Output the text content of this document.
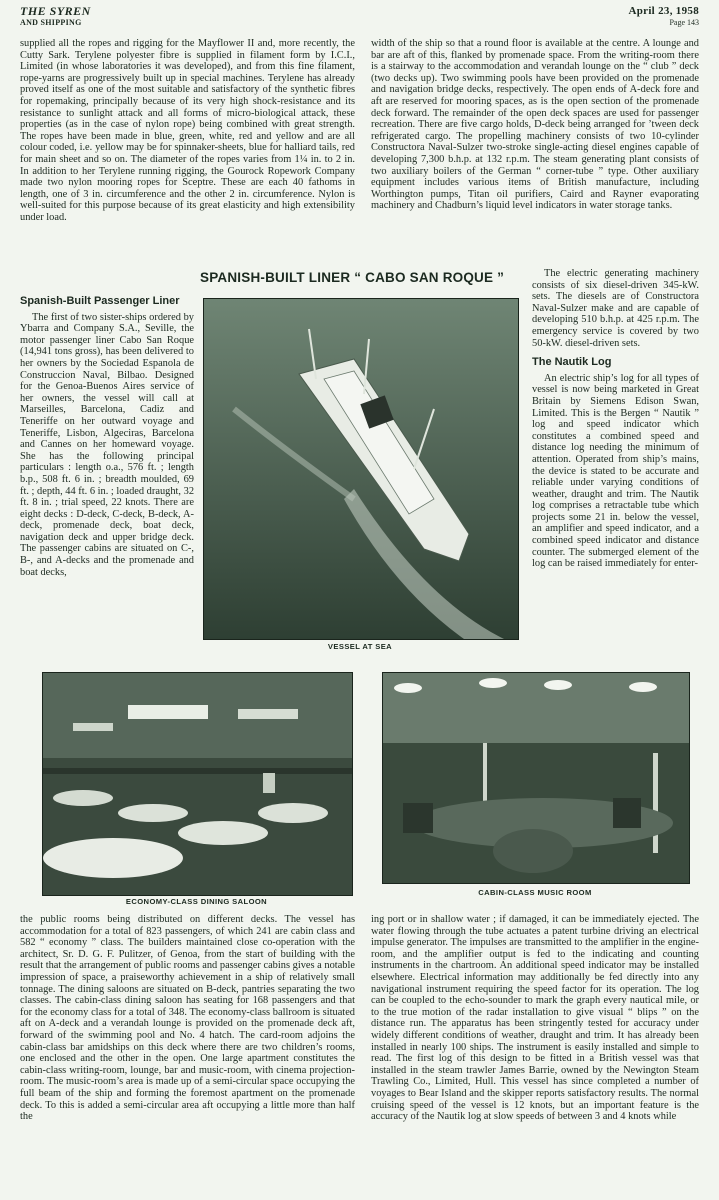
THE SYREN
AND SHIPPING
April 23, 1958
Page 143

supplied all the ropes and rigging for the Mayflower II and, more recently, the Cutty Sark. Terylene polyester fibre is supplied in filament form by I.C.I., Limited (in whose laboratories it was developed), and from this fine filament, rope-yarns are progressively built up in special machines. Terylene has already proved itself as one of the most suitable and satisfactory of the synthetic fibres for ropemaking, principally because of its very high shock-resistance and its resistance to sunlight attack and all forms of micro-biological attack, these properties (as in the case of nylon rope) being combined with great strength. The ropes have been made in blue, green, white, red and yellow and are all colour coded, i.e. yellow may be for spinnaker-sheets, blue for halliard tails, red for main sheet and so on. The diameter of the ropes varies from 1¼ in. to 2 in. In addition to her Terylene running rigging, the Gourock Ropework Company made two nylon mooring ropes for Sceptre. These are each 40 fathoms in length, one of 3 in. circumference and the other 2 in. circumference. Nylon is well-suited for this purpose because of its great elasticity and high extensibility under load.

width of the ship so that a round floor is available at the centre. A lounge and bar are aft of this, flanked by promenade space. From the writing-room there is a stairway to the accommodation and verandah lounge on the “ club ” deck (two decks up). Two swimming pools have been provided on the promenade and navigation bridge decks, respectively. The open ends of A-deck fore and aft are reserved for mooring spaces, as is the open section of the promenade deck forward. The remainder of the open deck spaces are used for passenger recreation. There are five cargo holds, D-deck being arranged for ’tween deck refrigerated cargo. The propelling machinery consists of two 10-cylinder Constructora Naval-Sulzer two-stroke single-acting diesel engines capable of developing 7,300 b.h.p. at 132 r.p.m. The steam generating plant consists of two auxiliary boilers of the German “ corner-tube ” type. Other auxiliary equipment includes various items of British manufacture, including Worthington pumps, Titan oil purifiers, Caird and Rayner evaporating machinery and Chadburn’s liquid level indicators in water storage tanks.

SPANISH-BUILT LINER “ CABO SAN ROQUE ”
Spanish-Built Passenger Liner

The first of two sister-ships ordered by Ybarra and Company S.A., Seville, the motor passenger liner Cabo San Roque (14,941 tons gross), has been delivered to her owners by the Sociedad Espanola de Construccion Naval, Bilbao. Designed for the Genoa-Buenos Aires service of her owners, the vessel will call at Marseilles, Barcelona, Cadiz and Teneriffe on her outward voyage and Teneriffe, Lisbon, Algeciras, Barcelona and Cannes on her homeward voyage. She has the following principal particulars : length o.a., 576 ft. ; length b.p., 508 ft. 6 in. ; breadth moulded, 69 ft. ; depth, 44 ft. 6 in. ; loaded draught, 32 ft. 8 in. ; trial speed, 22 knots. There are eight decks : D-deck, C-deck, B-deck, A-deck, promenade deck, boat deck, navigation deck and upper bridge deck. The passenger cabins are situated on C-, B-, and A-decks and the promenade and boat decks,

VESSEL AT SEA

The electric generating machinery consists of six diesel-driven 345-kW. sets. The diesels are of Constructora Naval-Sulzer make and are capable of developing 510 b.h.p. at 425 r.p.m. The emergency service is covered by two 50-kW. diesel-driven sets.

The Nautik Log

An electric ship’s log for all types of vessel is now being marketed in Great Britain by Siemens Edison Swan, Limited. This is the Bergen “ Nautik ” log and speed indicator which constitutes a combined speed and distance log needing the minimum of attention. Operated from ship’s mains, the device is stated to be accurate and reliable under varying conditions of weather, draught and trim. The Nautik log comprises a retractable tube which projects some 21 in. below the vessel, an amplifier and speed indicator, and a combined speed indicator and distance counter. The submerged element of the log can be raised immediately for enter-

ECONOMY-CLASS DINING SALOON
CABIN-CLASS MUSIC ROOM

the public rooms being distributed on different decks. The vessel has accommodation for a total of 823 passengers, of which 241 are cabin class and 582 “ economy ” class. The builders maintained close co-operation with the architect, Sr. D. G. F. Pulitzer, of Genoa, from the start of building with the result that the arrangement of public rooms and passenger cabins gives a notable impression of space, a praiseworthy achievement in a ship of relatively small tonnage. The dining saloons are situated on B-deck, pantries separating the two classes. The cabin-class dining saloon has seating for 168 passengers and that for the economy class for a total of 348. The economy-class ballroom is situated aft on A-deck and a verandah lounge is provided on the promenade deck aft, forward of the swimming pool and No. 4 hatch. The card-room adjoins the cabin-class bar amidships on this deck where there are two children’s rooms, one enclosed and the other in the open. One large apartment constitutes the cabin-class writing-room, lounge, bar and music-room, with cinema projection-room. The music-room’s area is made up of a semi-circular space occupying the full beam of the ship and forming the foremost apartment on the promenade deck. To this is added a semi-circular area aft occupying a little more than half the

ing port or in shallow water ; if damaged, it can be immediately ejected. The water flowing through the tube actuates a patent turbine driving an electrical impulse generator. The impulses are transmitted to the amplifier in the engine-room, and the amplifier output is fed to the indicating and counting instruments in the chartroom. An additional speed indicator may be installed elsewhere. Electrical information may additionally be fed directly into any navigational instrument requiring the speed factor for its operation. The log can be coupled to the echo-sounder to mark the graph every nautical mile, or to the true motion of the radar installation to give visual “ blips ” on the distance run. The apparatus has been stringently tested for accuracy under widely different conditions of weather, draught and trim. It has already been installed in nearly 100 ships. The instrument is easily installed and simple to read. The first log of this design to be fitted in a British vessel was that installed in the steam trawler James Barrie, owned by the Newington Steam Trawling Co., Limited, Hull. This vessel has since completed a number of voyages to Bear Island and the skipper reports satisfactory results. The normal cruising speed of the vessel is 12 knots, but an important feature is the accuracy of the Nautik log at slow speeds of between 3 and 4 knots while
